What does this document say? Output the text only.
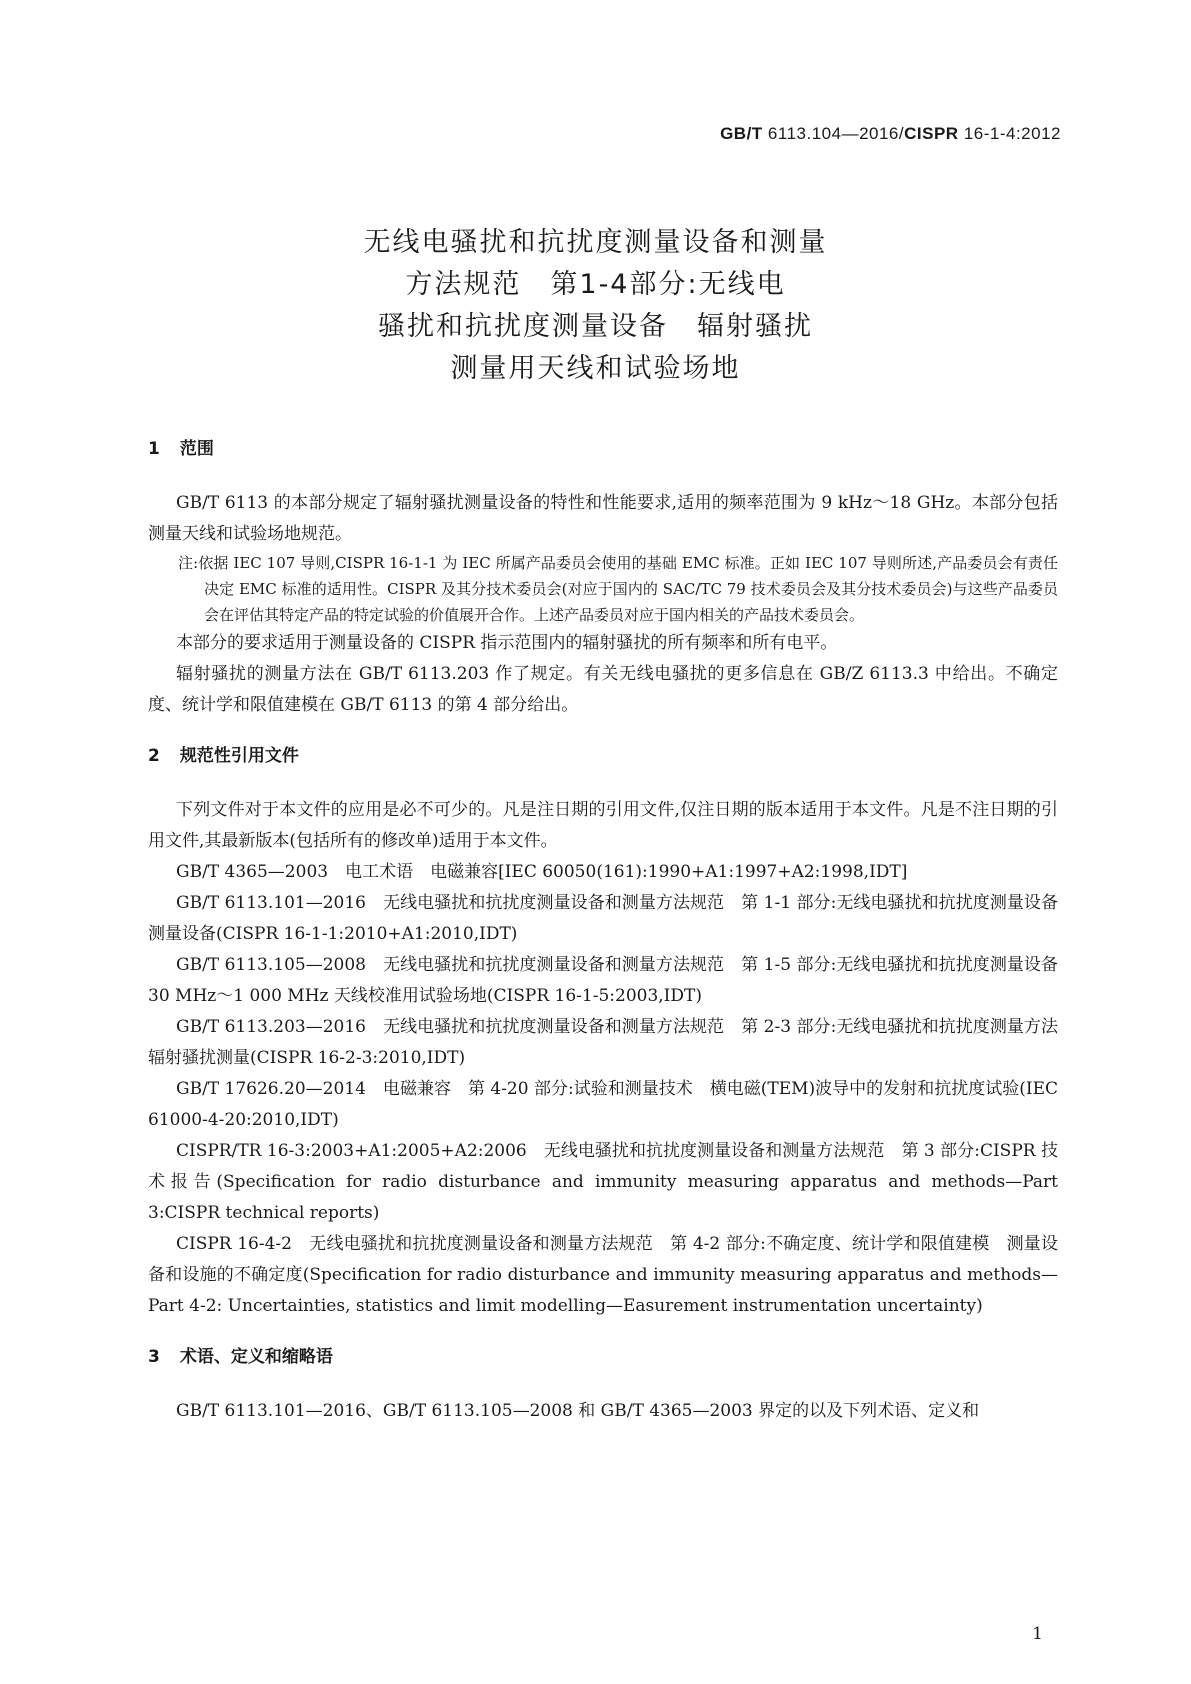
GB/T 6113.104—2016/CISPR 16-1-4:2012
无线电骚扰和抗扰度测量设备和测量
方法规范　第1-4部分:无线电
骚扰和抗扰度测量设备　辐射骚扰
测量用天线和试验场地
1 范围

GB/T 6113 的本部分规定了辐射骚扰测量设备的特性和性能要求,适用的频率范围为 9 kHz～18 GHz。本部分包括测量天线和试验场地规范。

注:依据 IEC 107 导则,CISPR 16-1-1 为 IEC 所属产品委员会使用的基础 EMC 标准。正如 IEC 107 导则所述,产品委员会有责任决定 EMC 标准的适用性。CISPR 及其分技术委员会(对应于国内的 SAC/TC 79 技术委员会及其分技术委员会)与这些产品委员会在评估其特定产品的特定试验的价值展开合作。上述产品委员对应于国内相关的产品技术委员会。

本部分的要求适用于测量设备的 CISPR 指示范围内的辐射骚扰的所有频率和所有电平。

辐射骚扰的测量方法在 GB/T 6113.203 作了规定。有关无线电骚扰的更多信息在 GB/Z 6113.3 中给出。不确定度、统计学和限值建模在 GB/T 6113 的第 4 部分给出。

2 规范性引用文件

下列文件对于本文件的应用是必不可少的。凡是注日期的引用文件,仅注日期的版本适用于本文件。凡是不注日期的引用文件,其最新版本(包括所有的修改单)适用于本文件。

GB/T 4365—2003　电工术语　电磁兼容[IEC 60050(161):1990+A1:1997+A2:1998,IDT]

GB/T 6113.101—2016　无线电骚扰和抗扰度测量设备和测量方法规范　第 1-1 部分:无线电骚扰和抗扰度测量设备　测量设备(CISPR 16-1-1:2010+A1:2010,IDT)

GB/T 6113.105—2008　无线电骚扰和抗扰度测量设备和测量方法规范　第 1-5 部分:无线电骚扰和抗扰度测量设备 30 MHz～1 000 MHz 天线校准用试验场地(CISPR 16-1-5:2003,IDT)

GB/T 6113.203—2016　无线电骚扰和抗扰度测量设备和测量方法规范　第 2-3 部分:无线电骚扰和抗扰度测量方法　辐射骚扰测量(CISPR 16-2-3:2010,IDT)

GB/T 17626.20—2014　电磁兼容　第 4-20 部分:试验和测量技术　横电磁(TEM)波导中的发射和抗扰度试验(IEC 61000-4-20:2010,IDT)

CISPR/TR 16-3:2003+A1:2005+A2:2006　无线电骚扰和抗扰度测量设备和测量方法规范　第 3 部分:CISPR 技术报告(Specification for radio disturbance and immunity measuring apparatus and methods—Part 3:CISPR technical reports)

CISPR 16-4-2　无线电骚扰和抗扰度测量设备和测量方法规范　第 4-2 部分:不确定度、统计学和限值建模　测量设备和设施的不确定度(Specification for radio disturbance and immunity measuring apparatus and methods—Part 4-2: Uncertainties, statistics and limit modelling—Easurement instrumentation uncertainty)

3 术语、定义和缩略语

GB/T 6113.101—2016、GB/T 6113.105—2008 和 GB/T 4365—2003 界定的以及下列术语、定义和

1
